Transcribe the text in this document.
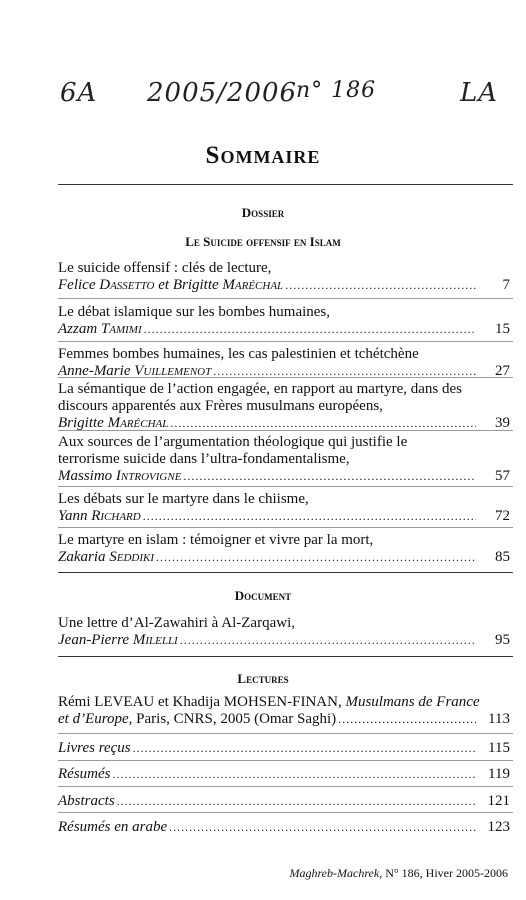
6A 2005/2006
n° 186	LA
Sommaire
Dossier
Le Suicide offensif en Islam
Le suicide offensif : clés de lecture,
Felice Dassetto et Brigitte Maréchal .....	7
Le débat islamique sur les bombes humaines,
Azzam Tamimi .....	15
Femmes bombes humaines, les cas palestinien et tchétchène
Anne-Marie Vuillemenot .....	27
La sémantique de l’action engagée, en rapport au martyre, dans des
discours apparentés aux Frères musulmans européens,
Brigitte Maréchal .....	39
Aux sources de l’argumentation théologique qui justifie le
terrorisme suicide dans l’ultra-fondamentalisme,
Massimo Introvigne .....	57
Les débats sur le martyre dans le chiisme,
Yann Richard .....	72
Le martyre en islam : témoigner et vivre par la mort,
Zakaria Seddiki .....	85
Document
Une lettre d’Al-Zawahiri à Al-Zarqawi,
Jean-Pierre Milelli .....	95
Lectures
Rémi LEVEAU et Khadija MOHSEN-FINAN, Musulmans de France
et d’Europe, Paris, CNRS, 2005 (Omar Saghi) .....	113
Livres reçus .....	115
Résumés .....	119
Abstracts .....	121
Résumés en arabe .....	123
Maghreb-Machrek, N° 186, Hiver 2005-2006
